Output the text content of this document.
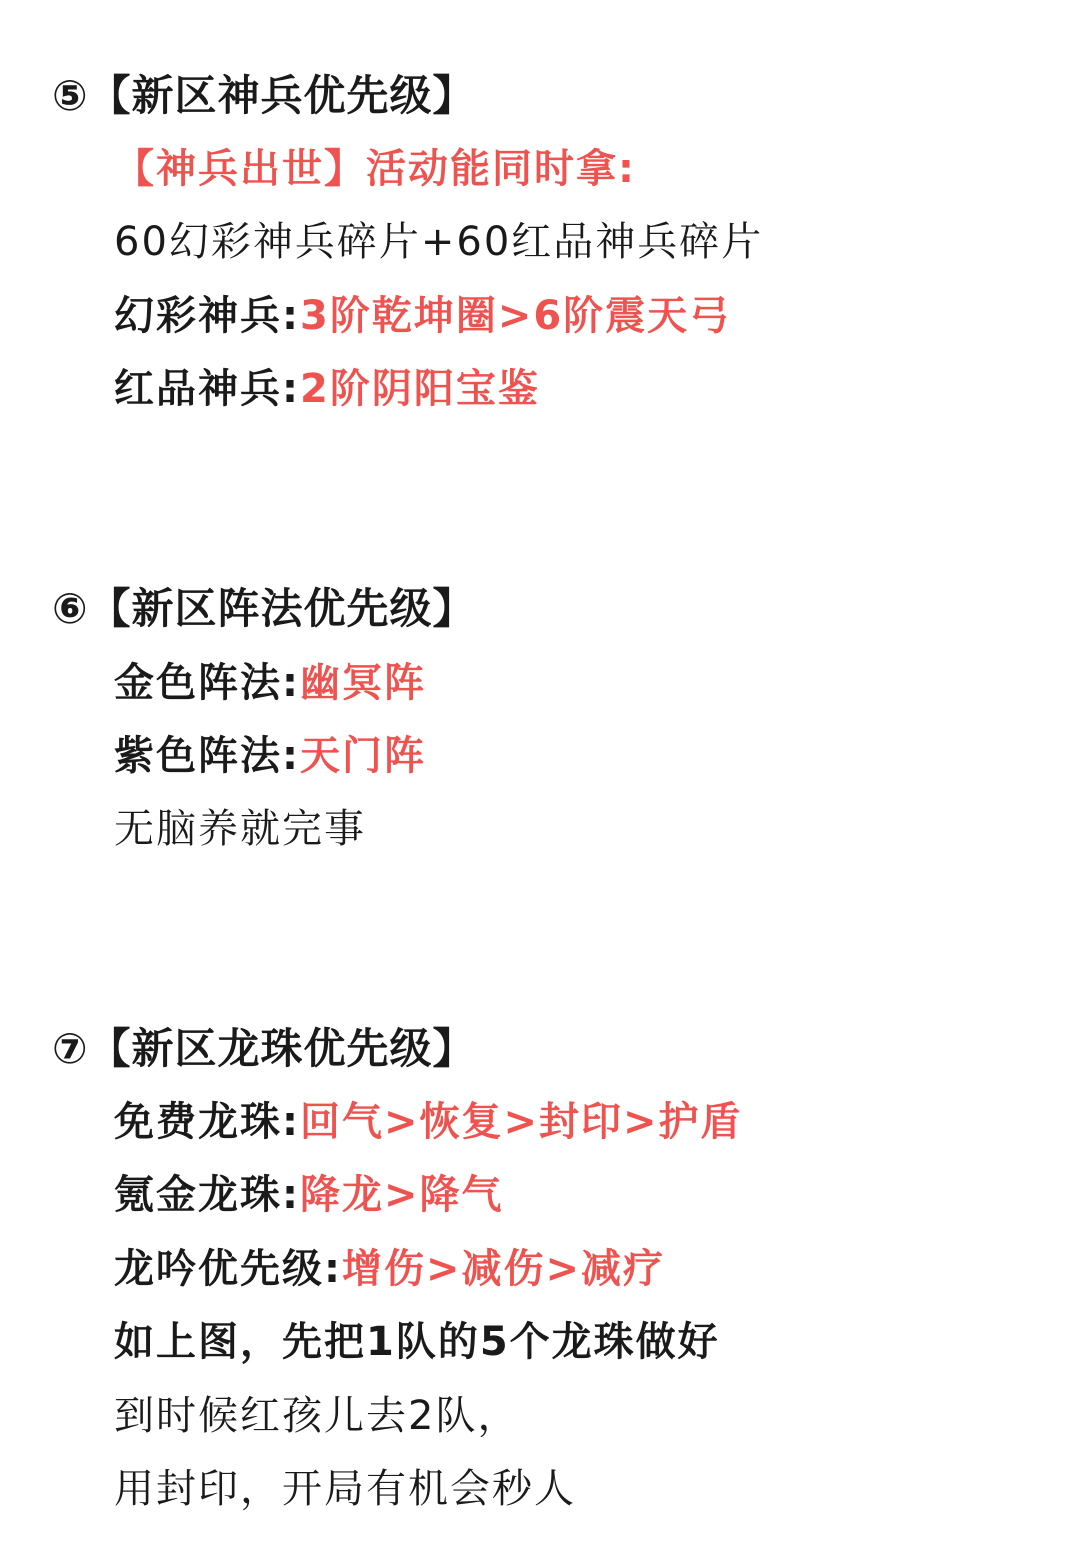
⑤【新区神兵优先级】
【神兵出世】活动能同时拿:
60幻彩神兵碎片+60红品神兵碎片
幻彩神兵:3阶乾坤圈>6阶震天弓
红品神兵:2阶阴阳宝鉴
⑥【新区阵法优先级】
金色阵法:幽冥阵
紫色阵法:天门阵
无脑养就完事
⑦【新区龙珠优先级】
免费龙珠:回气>恢复>封印>护盾
氪金龙珠:降龙>降气
龙吟优先级:增伤>减伤>减疗
如上图，先把1队的5个龙珠做好
到时候红孩儿去2队，
用封印，开局有机会秒人
